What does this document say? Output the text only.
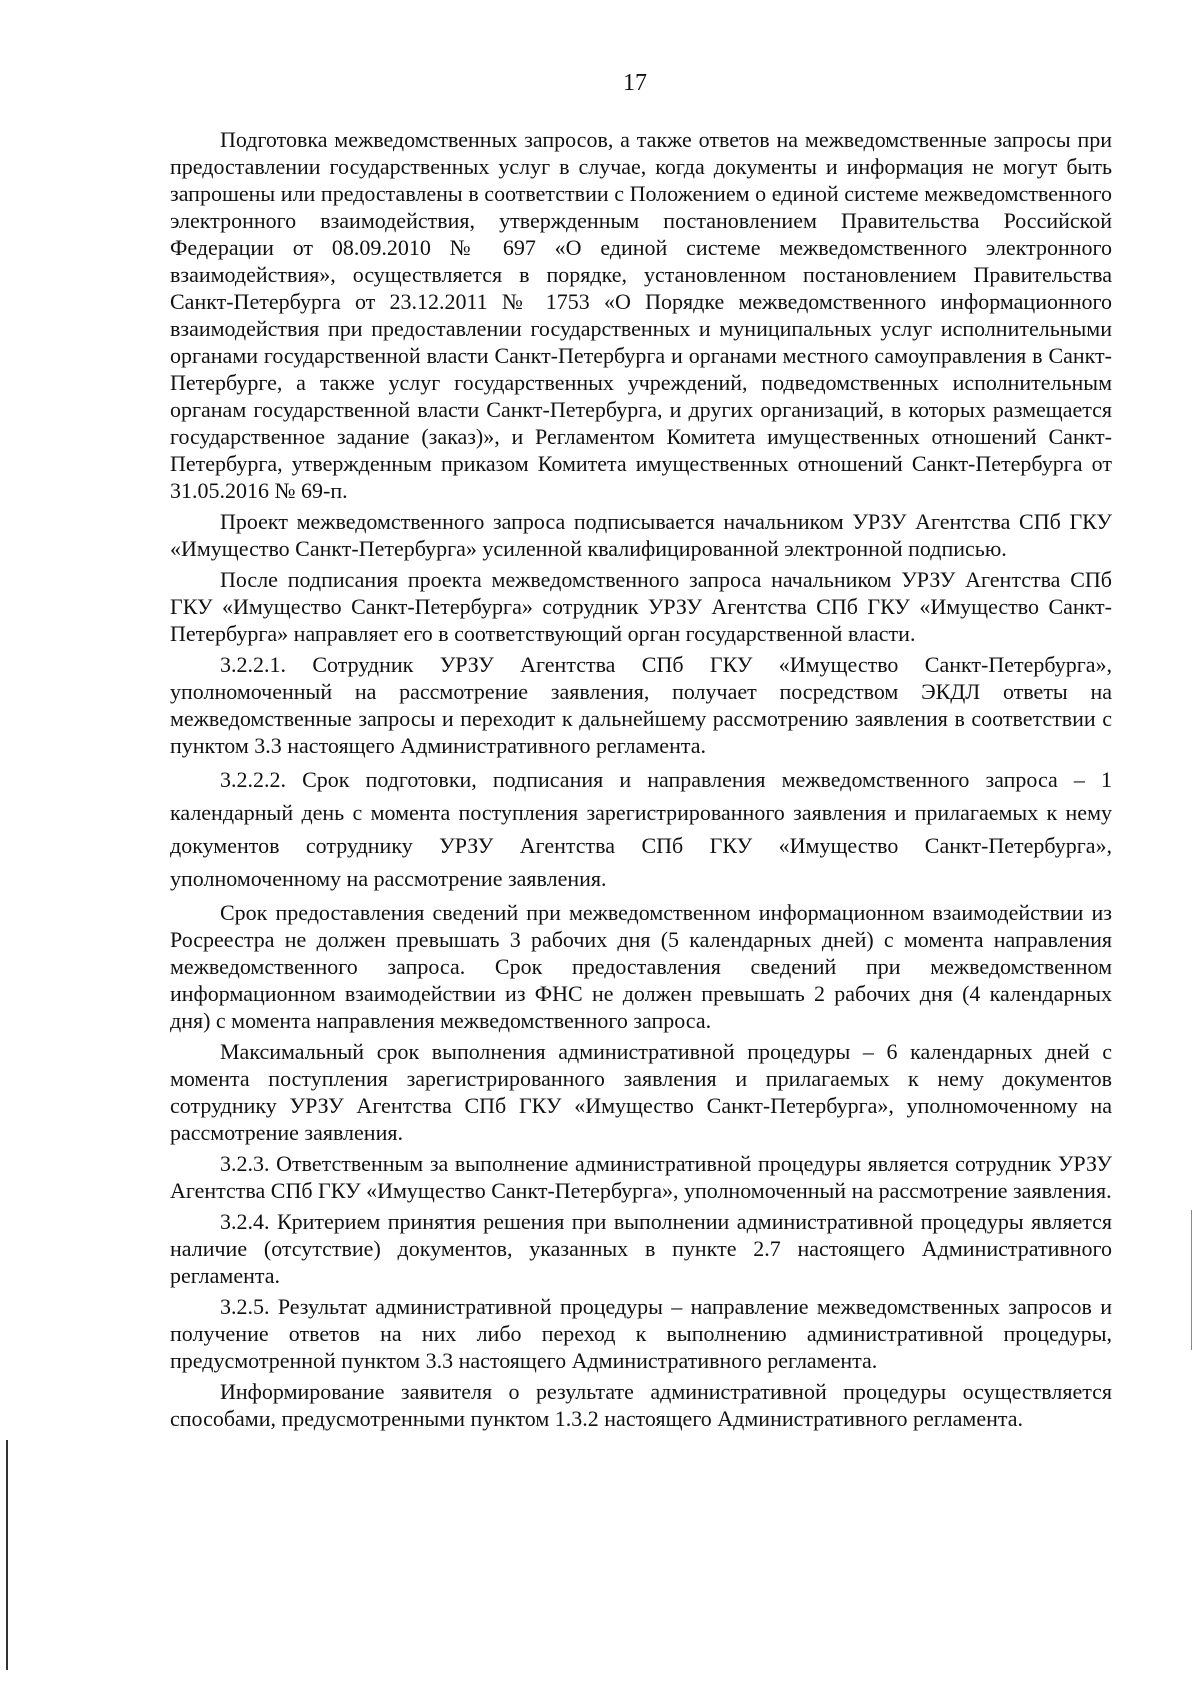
17

Подготовка межведомственных запросов, а также ответов на межведомственные запросы при предоставлении государственных услуг в случае, когда документы и информация не могут быть запрошены или предоставлены в соответствии с Положением о единой системе межведомственного электронного взаимодействия, утвержденным постановлением Правительства Российской Федерации от 08.09.2010 № 697 «О единой системе межведомственного электронного взаимодействия», осуществляется в порядке, установленном постановлением Правительства Санкт-Петербурга от 23.12.2011 № 1753 «О Порядке межведомственного информационного взаимодействия при предоставлении государственных и муниципальных услуг исполнительными органами государственной власти Санкт-Петербурга и органами местного самоуправления в Санкт-Петербурге, а также услуг государственных учреждений, подведомственных исполнительным органам государственной власти Санкт-Петербурга, и других организаций, в которых размещается государственное задание (заказ)», и Регламентом Комитета имущественных отношений Санкт-Петербурга, утвержденным приказом Комитета имущественных отношений Санкт-Петербурга от 31.05.2016 № 69-п.

Проект межведомственного запроса подписывается начальником УРЗУ Агентства СПб ГКУ «Имущество Санкт-Петербурга» усиленной квалифицированной электронной подписью.

После подписания проекта межведомственного запроса начальником УРЗУ Агентства СПб ГКУ «Имущество Санкт-Петербурга» сотрудник УРЗУ Агентства СПб ГКУ «Имущество Санкт-Петербурга» направляет его в соответствующий орган государственной власти.

3.2.2.1. Сотрудник УРЗУ Агентства СПб ГКУ «Имущество Санкт-Петербурга», уполномоченный на рассмотрение заявления, получает посредством ЭКДЛ ответы на межведомственные запросы и переходит к дальнейшему рассмотрению заявления в соответствии с пунктом 3.3 настоящего Административного регламента.

3.2.2.2. Срок подготовки, подписания и направления межведомственного запроса – 1 календарный день с момента поступления зарегистрированного заявления и прилагаемых к нему документов сотруднику УРЗУ Агентства СПб ГКУ «Имущество Санкт-Петербурга», уполномоченному на рассмотрение заявления.

Срок предоставления сведений при межведомственном информационном взаимодействии из Росреестра не должен превышать 3 рабочих дня (5 календарных дней) с момента направления межведомственного запроса. Срок предоставления сведений при межведомственном информационном взаимодействии из ФНС не должен превышать 2 рабочих дня (4 календарных дня) с момента направления межведомственного запроса.

Максимальный срок выполнения административной процедуры – 6 календарных дней с момента поступления зарегистрированного заявления и прилагаемых к нему документов сотруднику УРЗУ Агентства СПб ГКУ «Имущество Санкт-Петербурга», уполномоченному на рассмотрение заявления.

3.2.3. Ответственным за выполнение административной процедуры является сотрудник УРЗУ Агентства СПб ГКУ «Имущество Санкт-Петербурга», уполномоченный на рассмотрение заявления.

3.2.4. Критерием принятия решения при выполнении административной процедуры является наличие (отсутствие) документов, указанных в пункте 2.7 настоящего Административного регламента.

3.2.5. Результат административной процедуры – направление межведомственных запросов и получение ответов на них либо переход к выполнению административной процедуры, предусмотренной пунктом 3.3 настоящего Административного регламента.

Информирование заявителя о результате административной процедуры осуществляется способами, предусмотренными пунктом 1.3.2 настоящего Административного регламента.
